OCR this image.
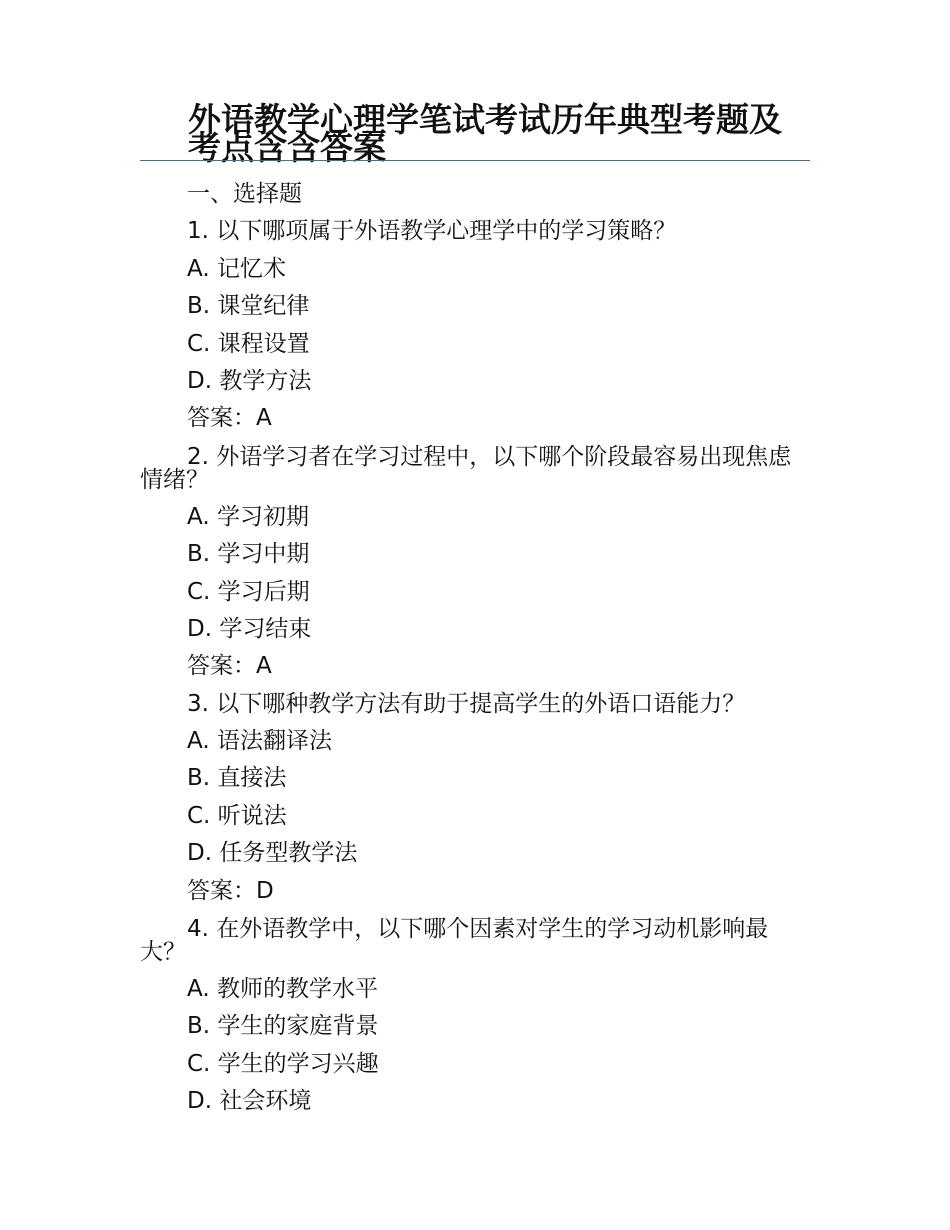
外语教学心理学笔试考试历年典型考题及考点含含答案
一、选择题
1. 以下哪项属于外语教学心理学中的学习策略？
A. 记忆术
B. 课堂纪律
C. 课程设置
D. 教学方法
答案：A
2. 外语学习者在学习过程中，以下哪个阶段最容易出现焦虑情绪？
A. 学习初期
B. 学习中期
C. 学习后期
D. 学习结束
答案：A
3. 以下哪种教学方法有助于提高学生的外语口语能力？
A. 语法翻译法
B. 直接法
C. 听说法
D. 任务型教学法
答案：D
4. 在外语教学中，以下哪个因素对学生的学习动机影响最大？
A. 教师的教学水平
B. 学生的家庭背景
C. 学生的学习兴趣
D. 社会环境
